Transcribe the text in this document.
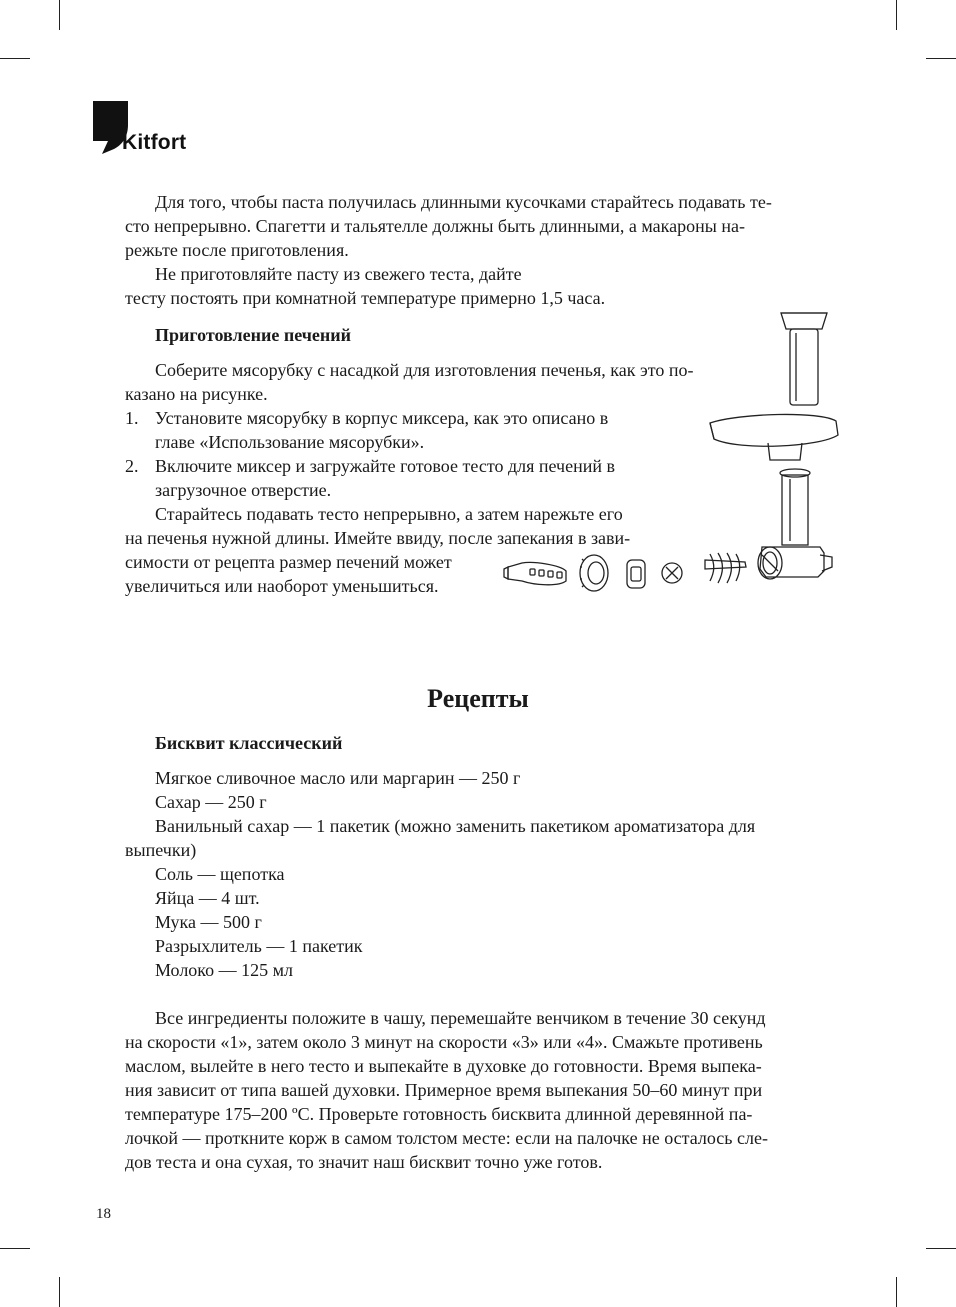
Kitfort

Для того, чтобы паста получилась длинными кусочками старайтесь подавать те-

сто непрерывно. Спагетти и тальятелле должны быть длинными, а макароны на-

режьте после приготовления.

Не приготовляйте пасту из свежего теста, дайте

тесту постоять при комнатной температуре примерно 1,5 часа.

Приготовление печений

Соберите мясорубку с насадкой для изготовления печенья, как это по-

казано на рисунке.

1. Установите мясорубку в корпус миксера, как это описано в

главе «Использование мясорубки».

2. Включите миксер и загружайте готовое тесто для печений в

загрузочное отверстие.

Старайтесь подавать тесто непрерывно, а затем нарежьте его

на печенья нужной длины. Имейте ввиду, после запекания в зави-

симости от рецепта размер печений может

увеличиться или наоборот уменьшиться.

Рецепты

Бисквит классический

Мягкое сливочное масло или маргарин — 250 г

Сахар — 250 г

Ванильный сахар — 1 пакетик (можно заменить пакетиком ароматизатора для

выпечки)

Соль — щепотка

Яйца — 4 шт.

Мука — 500 г

Разрыхлитель — 1 пакетик

Молоко — 125 мл

Все ингредиенты положите в чашу, перемешайте венчиком в течение 30 секунд

на скорости «1», затем около 3 минут на скорости «3» или «4». Смажьте противень

маслом, вылейте в него тесто и выпекайте в духовке до готовности. Время выпека-

ния зависит от типа вашей духовки. Примерное время выпекания 50–60 минут при

температуре 175–200 ºС. Проверьте готовность бисквита длинной деревянной па-

лочкой — проткните корж в самом толстом месте: если на палочке не осталось сле-

дов теста и она сухая, то значит наш бисквит точно уже готов.

18
